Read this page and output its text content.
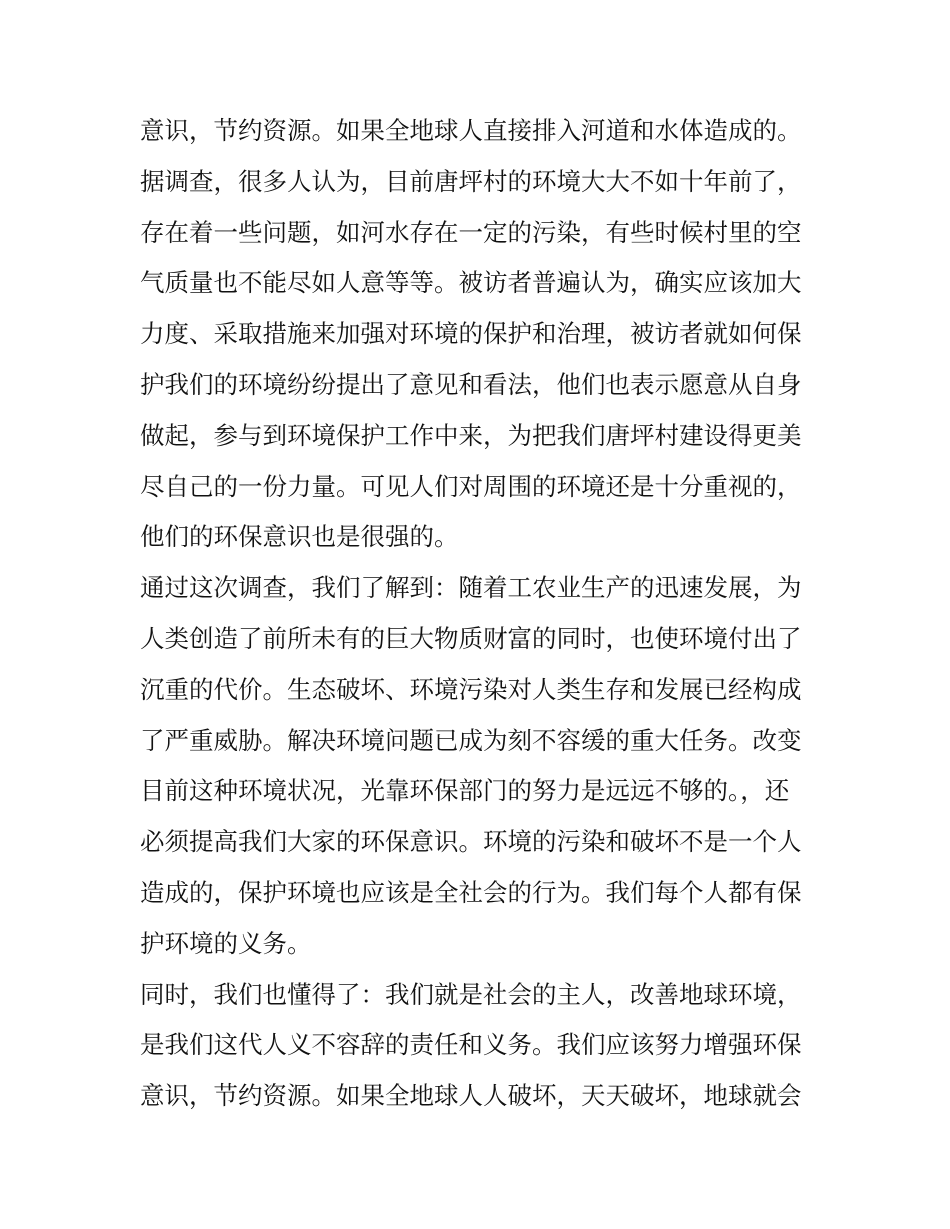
意识，节约资源。如果全地球人直接排入河道和水体造成的。
据调查，很多人认为，目前唐坪村的环境大大不如十年前了，
存在着一些问题，如河水存在一定的污染，有些时候村里的空
气质量也不能尽如人意等等。被访者普遍认为，确实应该加大
力度、采取措施来加强对环境的保护和治理，被访者就如何保
护我们的环境纷纷提出了意见和看法，他们也表示愿意从自身
做起，参与到环境保护工作中来，为把我们唐坪村建设得更美
尽自己的一份力量。可见人们对周围的环境还是十分重视的，
他们的环保意识也是很强的。
通过这次调查，我们了解到：随着工农业生产的迅速发展，为
人类创造了前所未有的巨大物质财富的同时，也使环境付出了
沉重的代价。生态破坏、环境污染对人类生存和发展已经构成
了严重威胁。解决环境问题已成为刻不容缓的重大任务。改变
目前这种环境状况，光靠环保部门的努力是远远不够的。，还
必须提高我们大家的环保意识。环境的污染和破坏不是一个人
造成的，保护环境也应该是全社会的行为。我们每个人都有保
护环境的义务。
同时，我们也懂得了：我们就是社会的主人，改善地球环境，
是我们这代人义不容辞的责任和义务。我们应该努力增强环保
意识，节约资源。如果全地球人人破坏，天天破坏，地球就会
